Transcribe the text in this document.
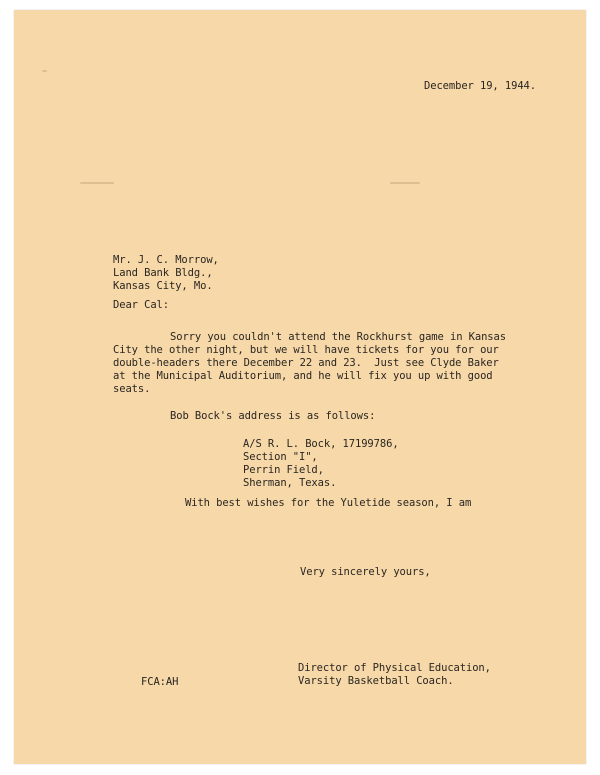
December 19, 1944.
Mr. J. C. Morrow,
Land Bank Bldg.,
Kansas City, Mo.
Dear Cal:
Sorry you couldn't attend the Rockhurst game in Kansas
City the other night, but we will have tickets for you for our
double-headers there December 22 and 23.  Just see Clyde Baker
at the Municipal Auditorium, and he will fix you up with good
seats.
Bob Bock's address is as follows:
A/S R. L. Bock, 17199786,
Section "I",
Perrin Field,
Sherman, Texas.
With best wishes for the Yuletide season, I am
Very sincerely yours,
FCA:AH
Director of Physical Education,
Varsity Basketball Coach.
